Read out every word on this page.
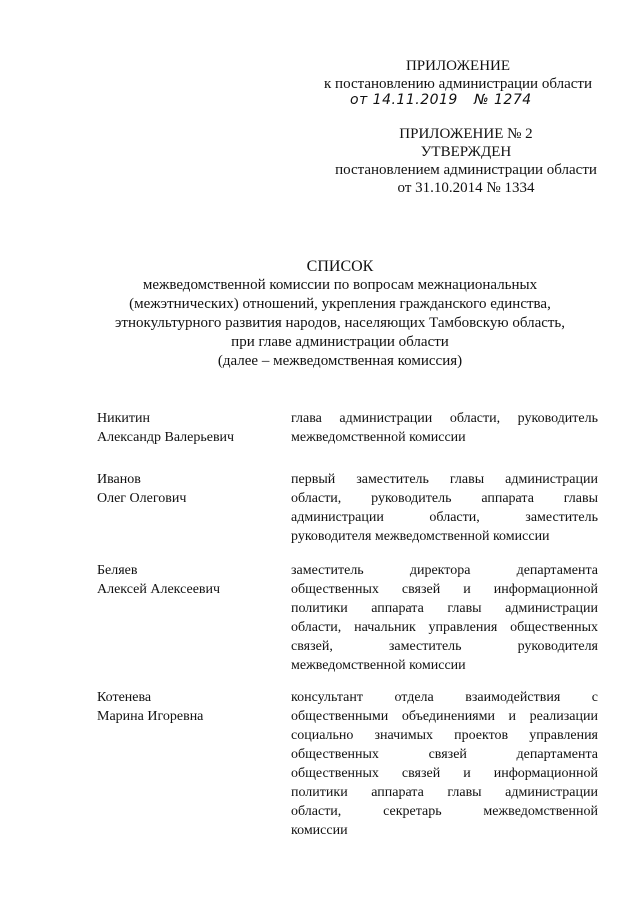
ПРИЛОЖЕНИЕ
к постановлению администрации области
от 14.11.2019 № 1274
ПРИЛОЖЕНИЕ № 2
УТВЕРЖДЕН
постановлением администрации области
от 31.10.2014 № 1334
СПИСОК
межведомственной комиссии по вопросам межнациональных
(межэтнических) отношений, укрепления гражданского единства,
этнокультурного развития народов, населяющих Тамбовскую область,
при главе администрации области
(далее – межведомственная комиссия)
Никитин
Александр Валерьевич
глава администрации области, руководитель
межведомственной комиссии
Иванов
Олег Олегович
первый заместитель главы администрации
области, руководитель аппарата главы
администрации области, заместитель
руководителя межведомственной комиссии
Беляев
Алексей Алексеевич
заместитель директора департамента
общественных связей и информационной
политики аппарата главы администрации
области, начальник управления общественных
связей, заместитель руководителя
межведомственной комиссии
Котенева
Марина Игоревна
консультант отдела взаимодействия с
общественными объединениями и реализации
социально значимых проектов управления
общественных связей департамента
общественных связей и информационной
политики аппарата главы администрации
области, секретарь межведомственной
комиссии
